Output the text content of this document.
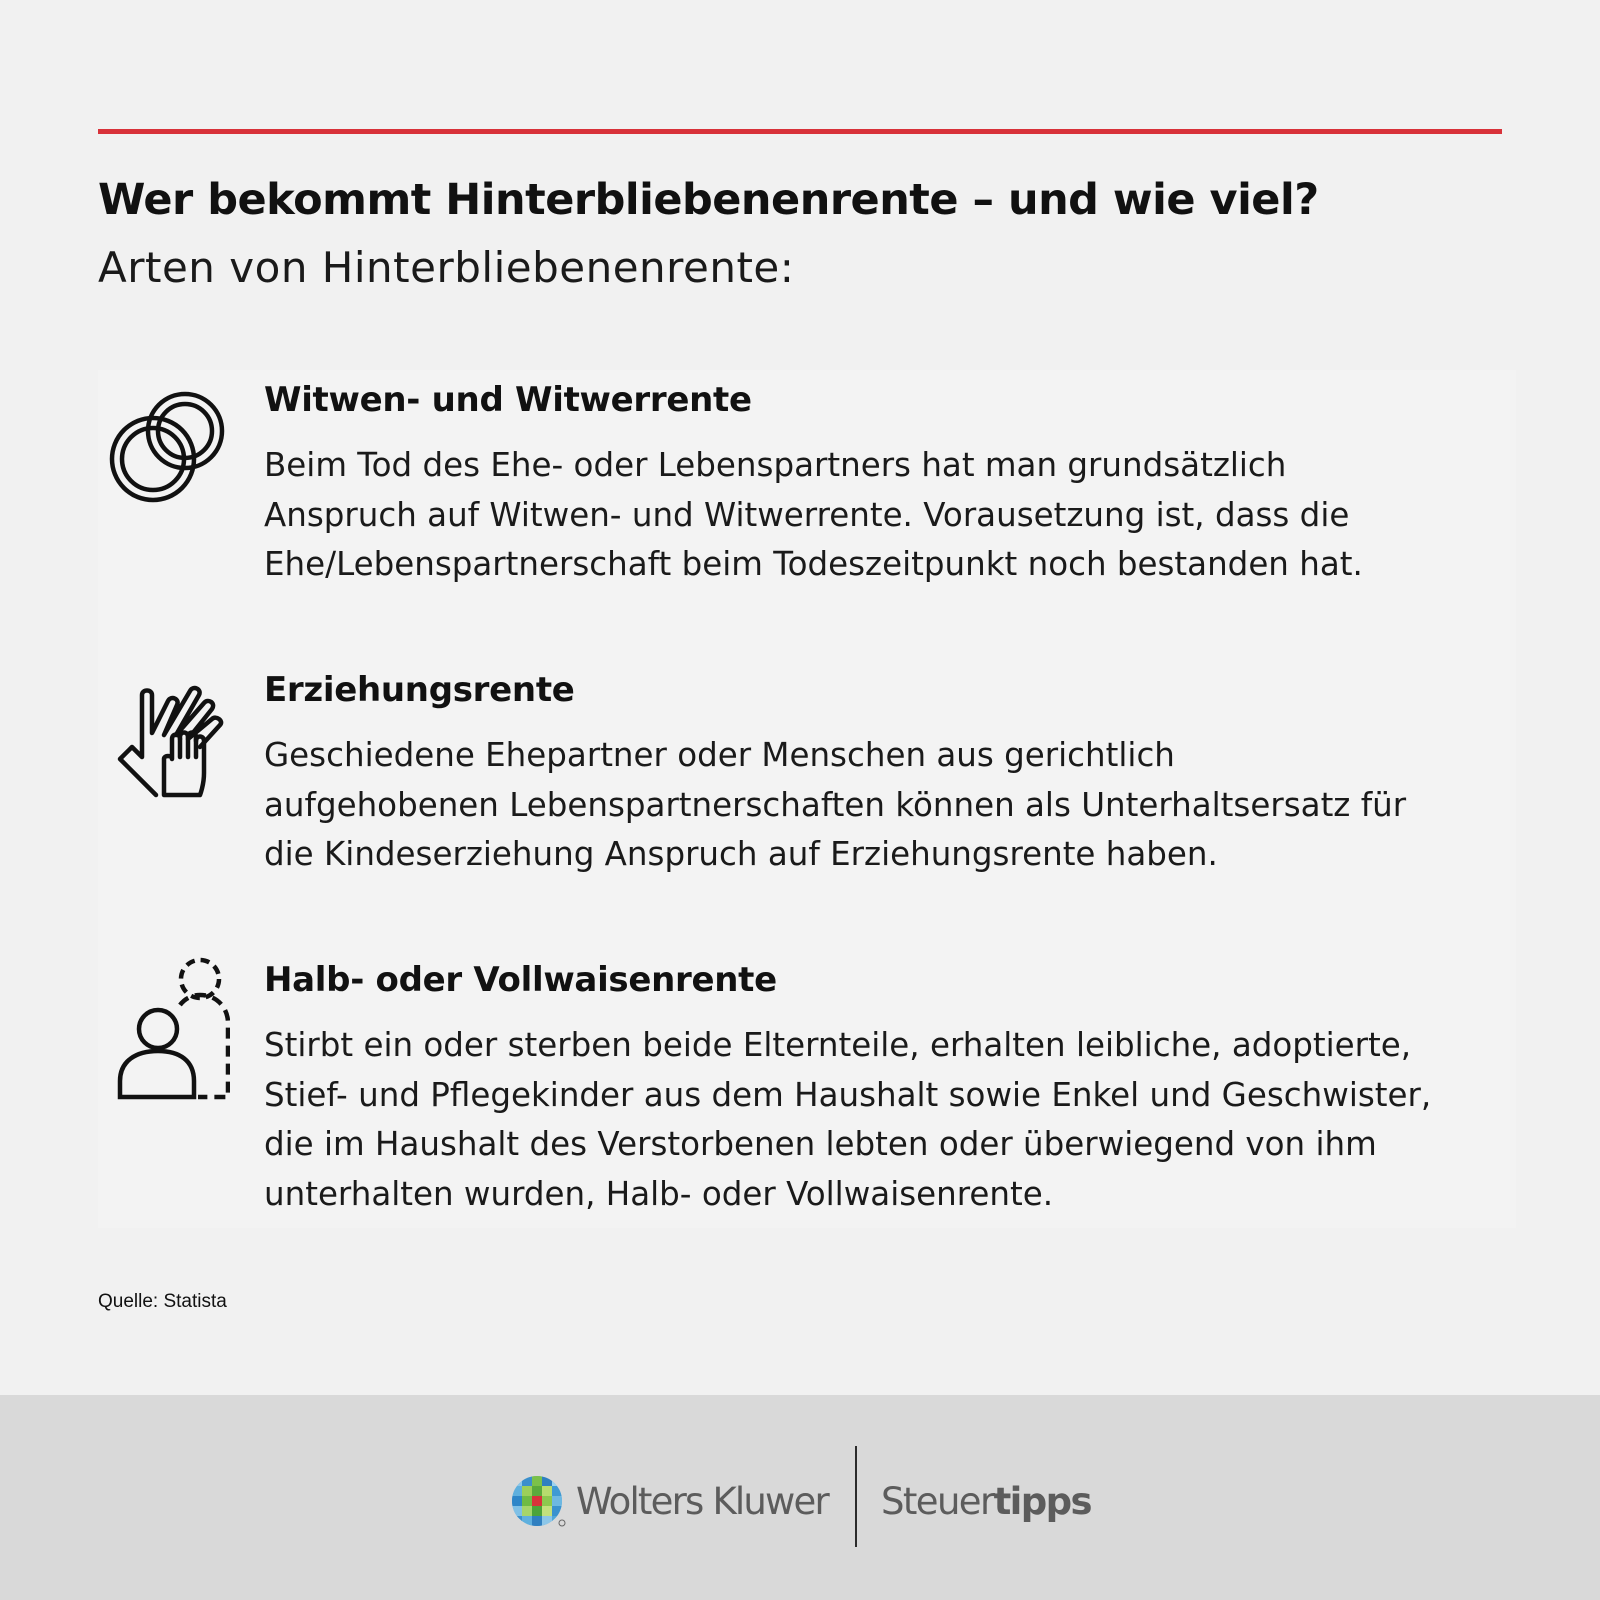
Wer bekommt Hinterbliebenenrente – und wie viel?
Arten von Hinterbliebenenrente:
Witwen- und Witwerrente

Beim Tod des Ehe- oder Lebenspartners hat man grundsätzlich
Anspruch auf Witwen- und Witwerrente. Vorausetzung ist, dass die
Ehe/Lebenspartnerschaft beim Todeszeitpunkt noch bestanden hat.

Erziehungsrente

Geschiedene Ehepartner oder Menschen aus gerichtlich
aufgehobenen Lebenspartnerschaften können als Unterhaltsersatz für
die Kindeserziehung Anspruch auf Erziehungsrente haben.

Halb- oder Vollwaisenrente

Stirbt ein oder sterben beide Elternteile, erhalten leibliche, adoptierte,
Stief- und Pflegekinder aus dem Haushalt sowie Enkel und Geschwister,
die im Haushalt des Verstorbenen lebten oder überwiegend von ihm
unterhalten wurden, Halb- oder Vollwaisenrente.

Quelle: Statista

Wolters Kluwer Steuertipps
